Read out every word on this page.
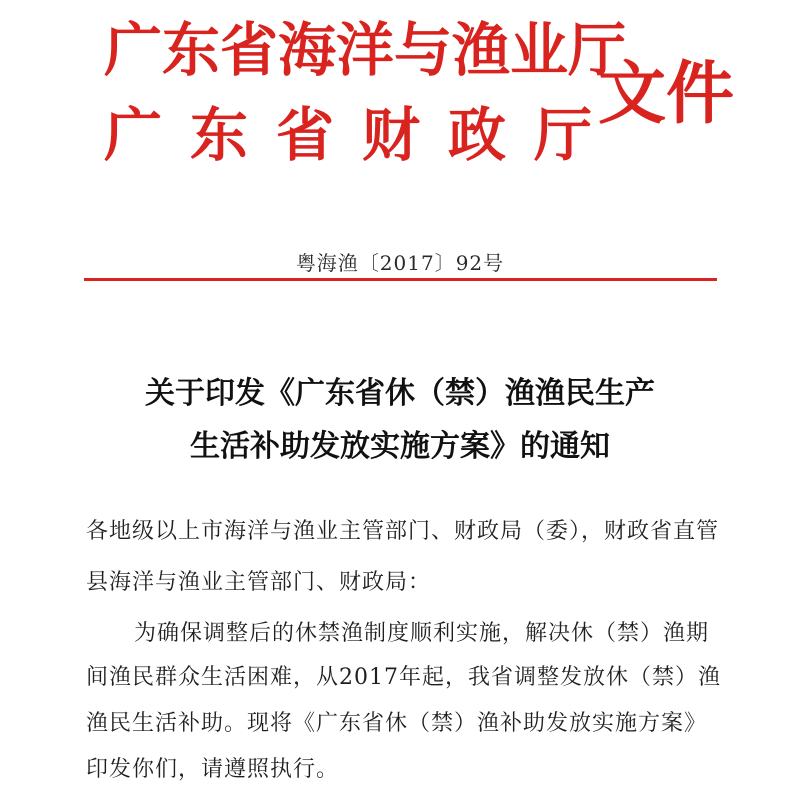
广东省海洋与渔业厅
广东省财政厅
文件
粤海渔〔2017〕92号
关于印发《广东省休（禁）渔渔民生产
生活补助发放实施方案》的通知
各地级以上市海洋与渔业主管部门、财政局（委），财政省直管
县海洋与渔业主管部门、财政局：
为确保调整后的休禁渔制度顺利实施，解决休（禁）渔期
间渔民群众生活困难，从2017年起，我省调整发放休（禁）渔
渔民生活补助。现将《广东省休（禁）渔补助发放实施方案》
印发你们，请遵照执行。
